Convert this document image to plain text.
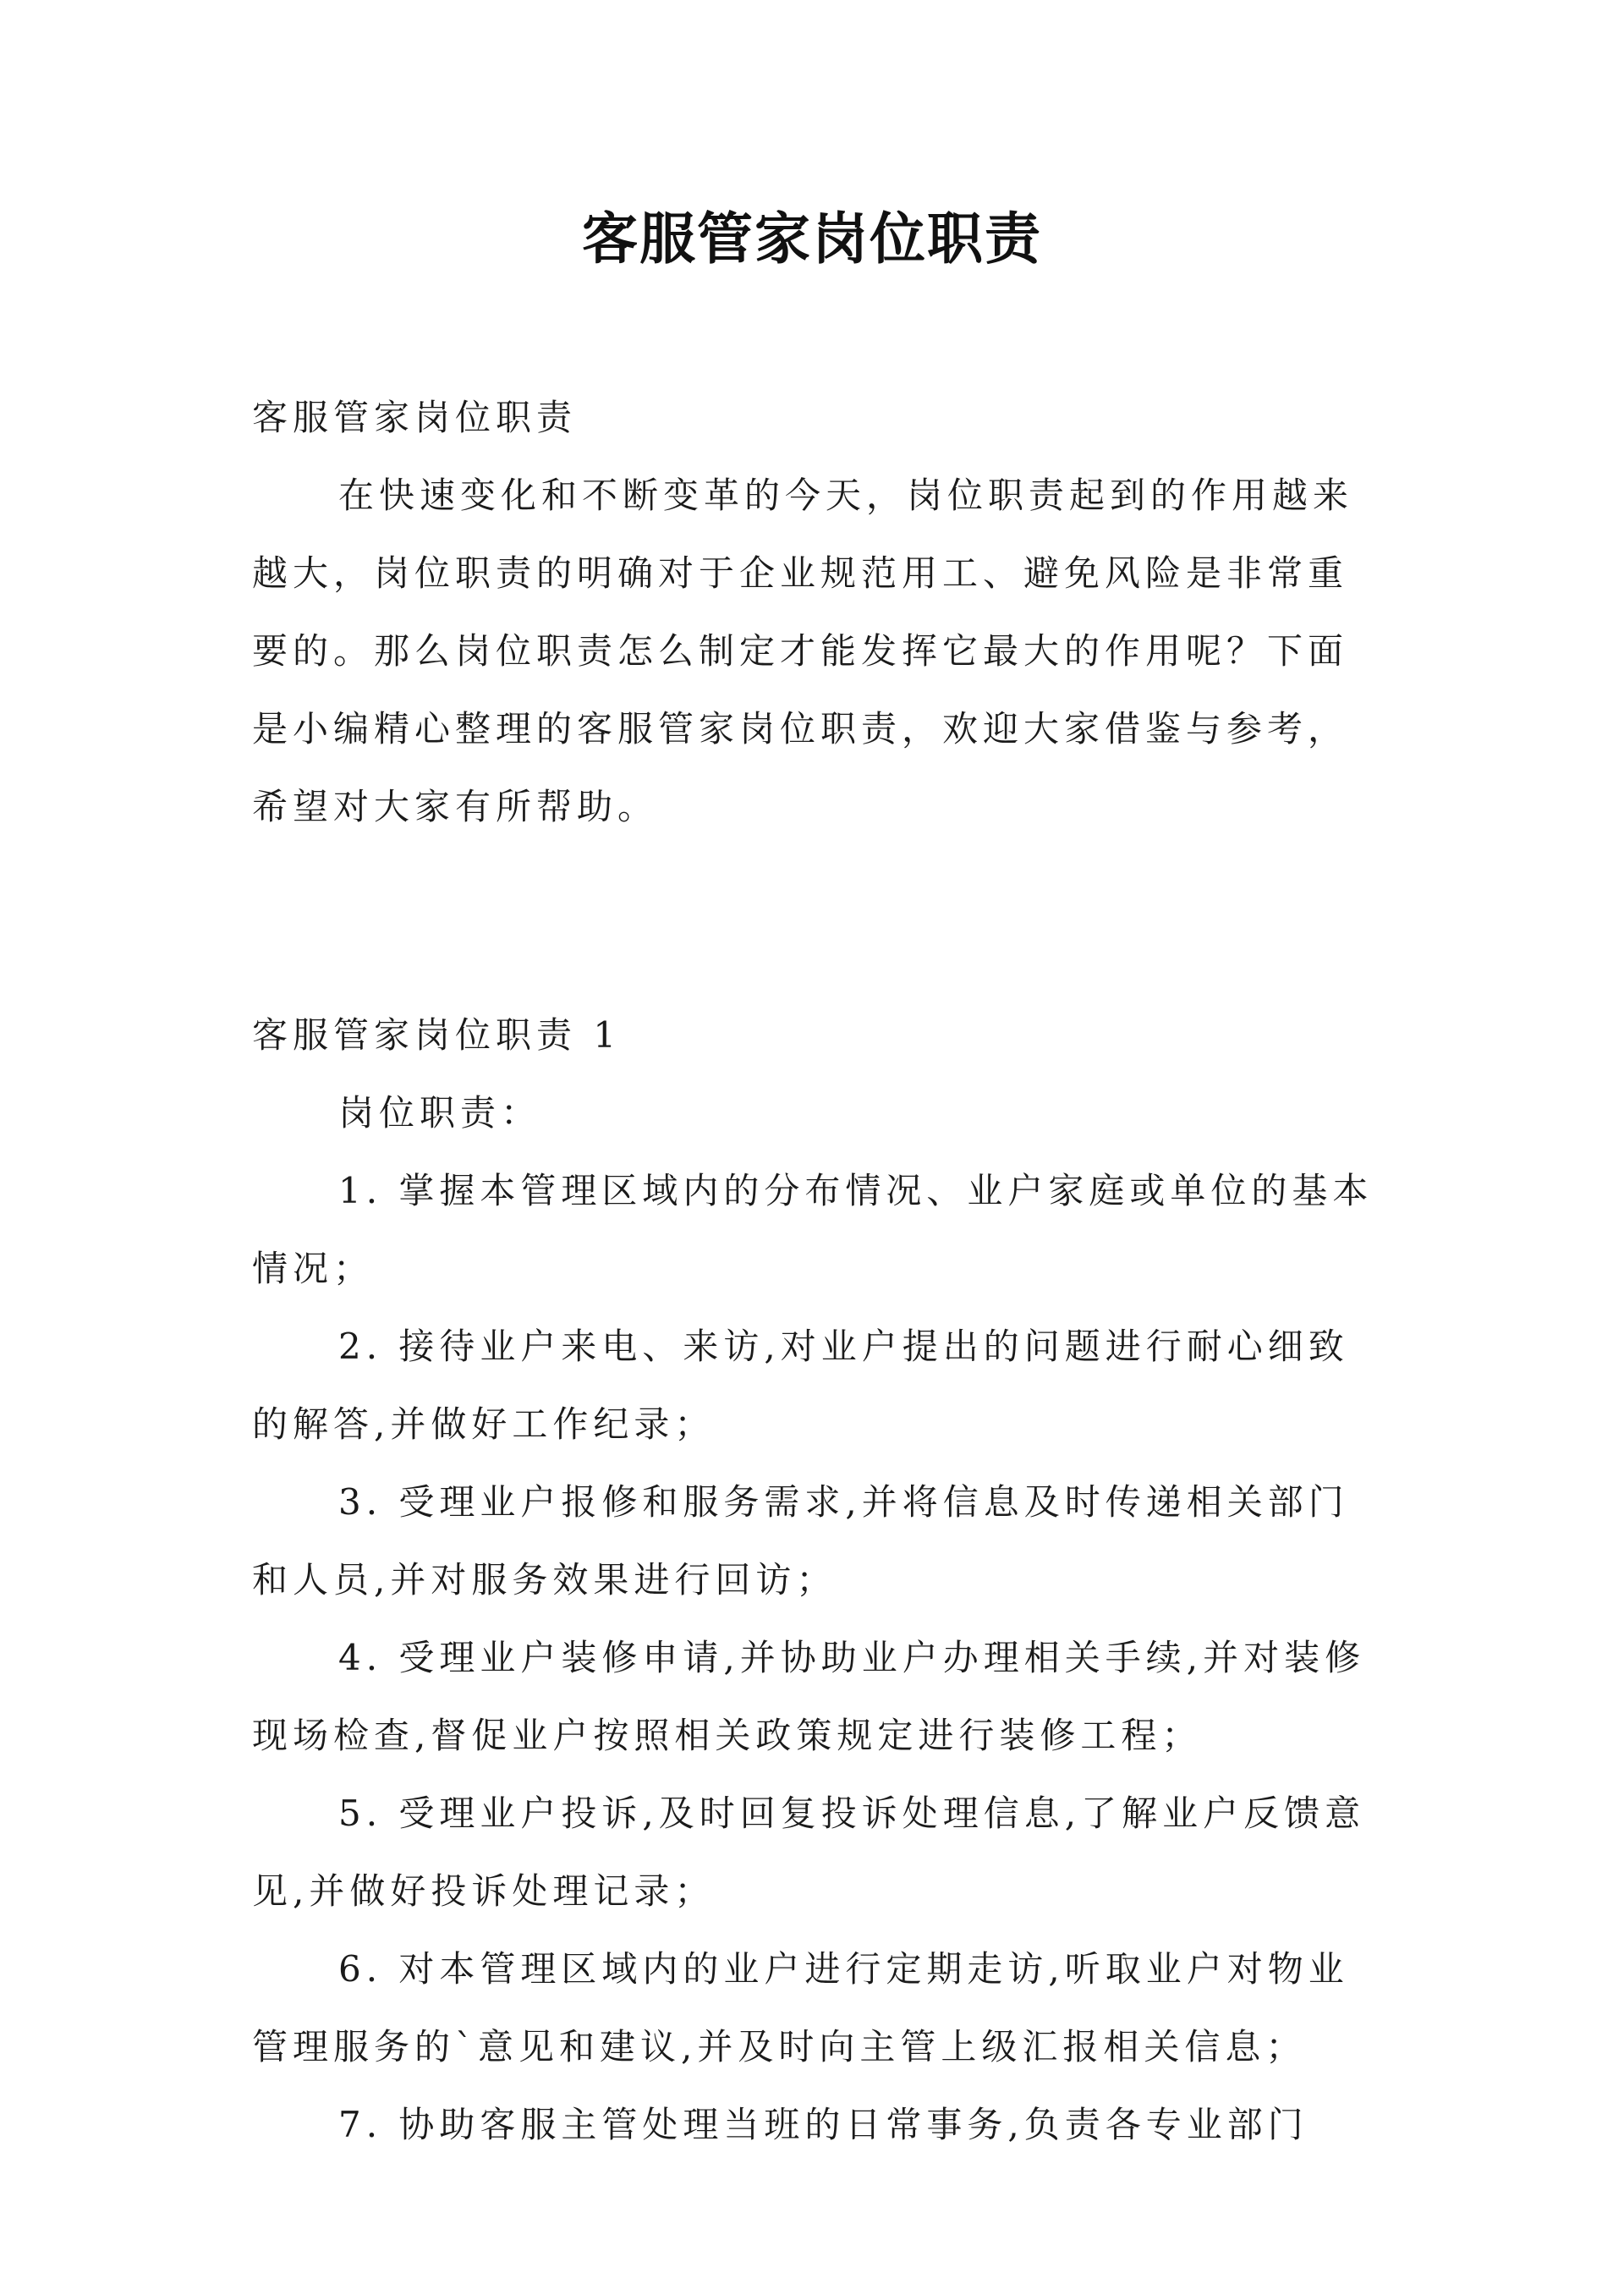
客服管家岗位职责

客服管家岗位职责

在快速变化和不断变革的今天，岗位职责起到的作用越来越大，岗位职责的明确对于企业规范用工、避免风险是非常重要的。那么岗位职责怎么制定才能发挥它最大的作用呢？下面是小编精心整理的客服管家岗位职责，欢迎大家借鉴与参考，希望对大家有所帮助。

客服管家岗位职责 1

岗位职责：

1. 掌握本管理区域内的分布情况、业户家庭或单位的基本情况；

2. 接待业户来电、来访,对业户提出的问题进行耐心细致的解答,并做好工作纪录；

3. 受理业户报修和服务需求,并将信息及时传递相关部门和人员,并对服务效果进行回访；

4. 受理业户装修申请,并协助业户办理相关手续,并对装修现场检查,督促业户按照相关政策规定进行装修工程；

5. 受理业户投诉,及时回复投诉处理信息,了解业户反馈意见,并做好投诉处理记录；

6. 对本管理区域内的业户进行定期走访,听取业户对物业管理服务的`意见和建议,并及时向主管上级汇报相关信息；

7. 协助客服主管处理当班的日常事务,负责各专业部门
